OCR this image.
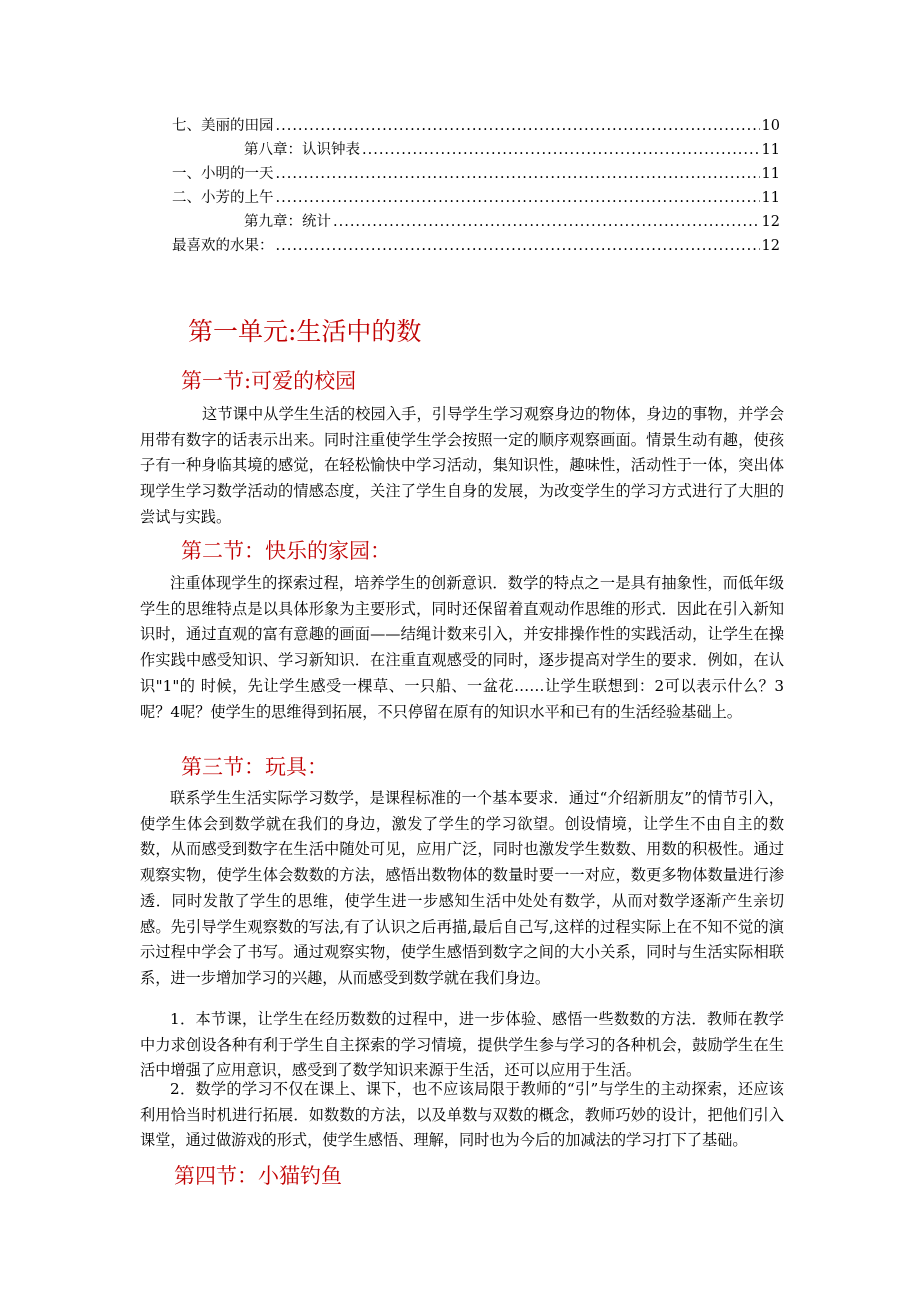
七、美丽的田园 .....	10
第八章：认识钟表 .....	11
一、小明的一天 .....	11
二、小芳的上午 .....	11
第九章：统计 .....	12
最喜欢的水果： .....	12
第一单元:生活中的数
第一节:可爱的校园

这节课中从学生生活的校园入手，引导学生学习观察身边的物体，身边的事物，并学会用带有数字的话表示出来。同时注重使学生学会按照一定的顺序观察画面。情景生动有趣，使孩子有一种身临其境的感觉，在轻松愉快中学习活动，集知识性，趣味性，活动性于一体，突出体现学生学习数学活动的情感态度，关注了学生自身的发展，为改变学生的学习方式进行了大胆的尝试与实践。

第二节：快乐的家园：

注重体现学生的探索过程，培养学生的创新意识．数学的特点之一是具有抽象性，而低年级学生的思维特点是以具体形象为主要形式，同时还保留着直观动作思维的形式．因此在引入新知识时，通过直观的富有意趣的画面——结绳计数来引入，并安排操作性的实践活动，让学生在操作实践中感受知识、学习新知识．在注重直观感受的同时，逐步提高对学生的要求．例如，在认识"1"的 时候，先让学生感受一棵草、一只船、一盆花……让学生联想到：2可以表示什么？3呢？4呢？使学生的思维得到拓展，不只停留在原有的知识水平和已有的生活经验基础上。

第三节：玩具：

联系学生生活实际学习数学，是课程标准的一个基本要求．通过“介绍新朋友”的情节引入，使学生体会到数学就在我们的身边，激发了学生的学习欲望。创设情境，让学生不由自主的数数，从而感受到数字在生活中随处可见，应用广泛，同时也激发学生数数、用数的积极性。通过观察实物，使学生体会数数的方法，感悟出数物体的数量时要一一对应，数更多物体数量进行渗透．同时发散了学生的思维，使学生进一步感知生活中处处有数学，从而对数学逐渐产生亲切感。先引导学生观察数的写法,有了认识之后再描,最后自己写,这样的过程实际上在不知不觉的演示过程中学会了书写。通过观察实物，使学生感悟到数字之间的大小关系，同时与生活实际相联系，进一步增加学习的兴趣，从而感受到数学就在我们身边。

1．本节课，让学生在经历数数的过程中，进一步体验、感悟一些数数的方法．教师在教学中力求创设各种有利于学生自主探索的学习情境，提供学生参与学习的各种机会，鼓励学生在生活中增强了应用意识，感受到了数学知识来源于生活，还可以应用于生活。

2．数学的学习不仅在课上、课下，也不应该局限于教师的“引”与学生的主动探索，还应该利用恰当时机进行拓展．如数数的方法，以及单数与双数的概念，教师巧妙的设计，把他们引入课堂，通过做游戏的形式，使学生感悟、理解，同时也为今后的加减法的学习打下了基础。

第四节：小猫钓鱼
